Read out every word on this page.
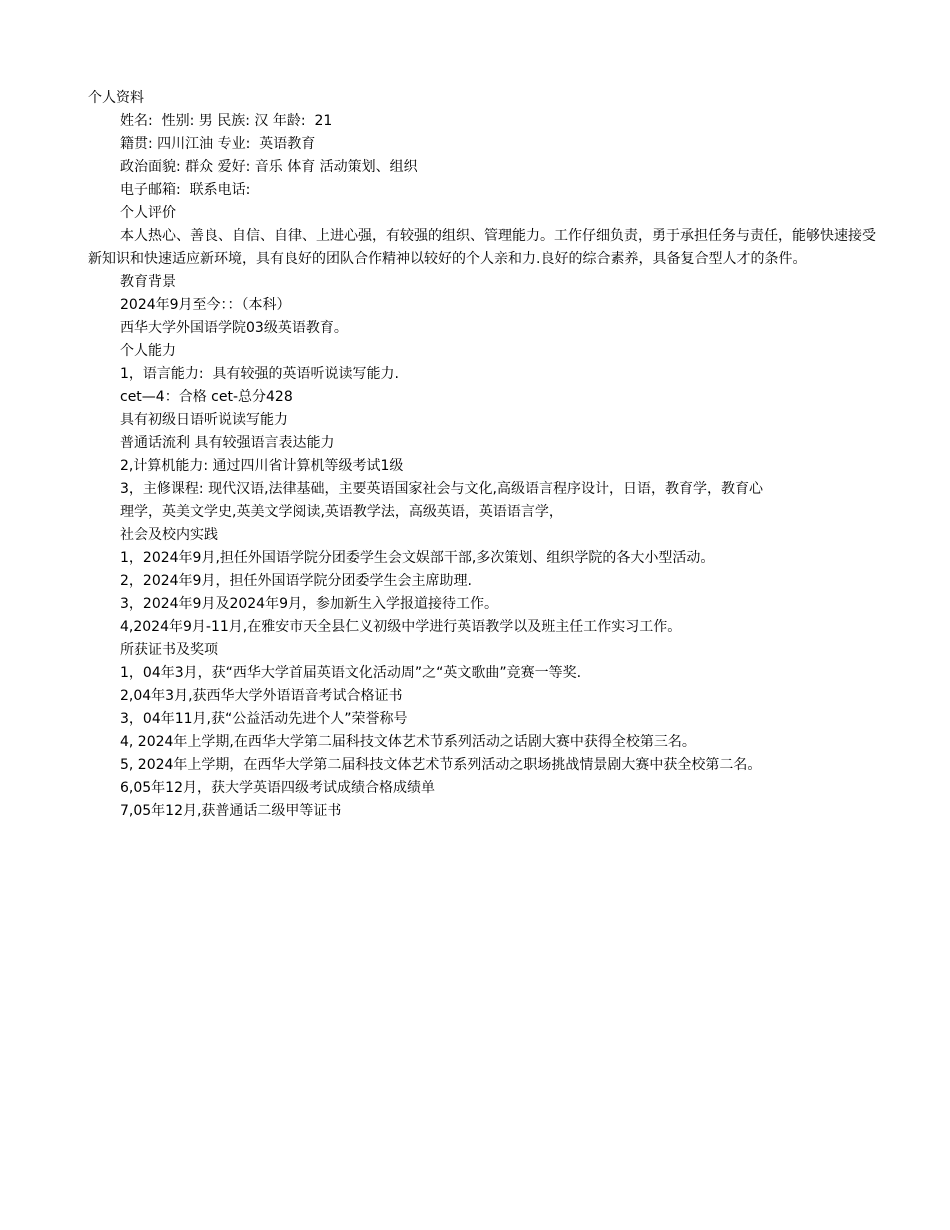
个人资料
姓名:  性别: 男 民族: 汉 年龄:  21
籍贯: 四川江油 专业:  英语教育
政治面貌: 群众 爱好: 音乐 体育 活动策划、组织
电子邮箱:  联系电话:
个人评价
本人热心、善良、自信、自律、上进心强，有较强的组织、管理能力。工作仔细负责，勇于承担任务与责任，能够快速接受新知识和快速适应新环境，具有良好的团队合作精神以较好的个人亲和力.良好的综合素养，具备复合型人才的条件。
教育背景
2024年9月至今：：（本科）
西华大学外国语学院03级英语教育。
个人能力
1，语言能力:  具有较强的英语听说读写能力.
cet—4：合格 cet-总分428
具有初级日语听说读写能力
普通话流利 具有较强语言表达能力
2,计算机能力: 通过四川省计算机等级考试1级
3，主修课程: 现代汉语,法律基础，主要英语国家社会与文化,高级语言程序设计，日语，教育学，教育心
理学，英美文学史,英美文学阅读,英语教学法，高级英语，英语语言学，
社会及校内实践
1，2024年9月,担任外国语学院分团委学生会文娱部干部,多次策划、组织学院的各大小型活动。
2，2024年9月，担任外国语学院分团委学生会主席助理.
3，2024年9月及2024年9月，参加新生入学报道接待工作。
4,2024年9月-11月,在雅安市天全县仁义初级中学进行英语教学以及班主任工作实习工作。
所获证书及奖项
1，04年3月，获“西华大学首届英语文化活动周”之“英文歌曲”竞赛一等奖.
2,04年3月,获西华大学外语语音考试合格证书
3，04年11月,获“公益活动先进个人”荣誉称号
4, 2024年上学期,在西华大学第二届科技文体艺术节系列活动之话剧大赛中获得全校第三名。
5, 2024年上学期，在西华大学第二届科技文体艺术节系列活动之职场挑战情景剧大赛中获全校第二名。
6,05年12月，获大学英语四级考试成绩合格成绩单
7,05年12月,获普通话二级甲等证书
